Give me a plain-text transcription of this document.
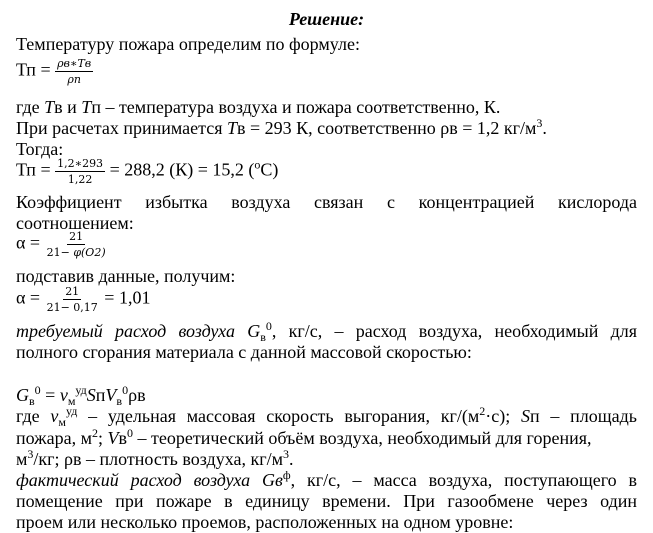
Решение:
Температуру пожара определим по формуле:
Тп = $\frac{\rho в∗Тв}{\rho п}$
где Тв и Тп – температура воздуха и пожара соответственно, К.
При расчетах принимается Тв = 293 К, соответственно ρв = 1,2 $кг/м^3$.
Тогда:
Тп = $\frac{1,2∗293}{1,22} = 288,2$ (К) = 15,2 ($^о$С)
Коэффициент избытка воздуха связан с концентрацией кислорода
соотношением:
$\alpha = \frac{21}{21- \varphi(O2)}$
подставив данные, получим:
$\alpha = \frac{21}{21- 0,17} = 1,01$
требуемый расход воздуха $G_в^0$, кг/с, – расход воздуха, необходимый для
полного сгорания материала с данной массовой скоростью:
$G_в^0 = v_м^{уд}SпV_в^0\rho в$
где $v_м^{уд}$ – удельная массовая скорость выгорания, $кг/(м^2\cdot с)$; Sп – площадь
пожара, $м^2$; $Vв^0$ – теоретический объём воздуха, необходимый для горения,
$м^3/кг$; ρв – плотность воздуха, $кг/м^3$.
фактический расход воздуха $Gв^ф$, кг/с, – масса воздуха, поступающего в
помещение при пожаре в единицу времени. При газообмене через один
проем или несколько проемов, расположенных на одном уровне:
